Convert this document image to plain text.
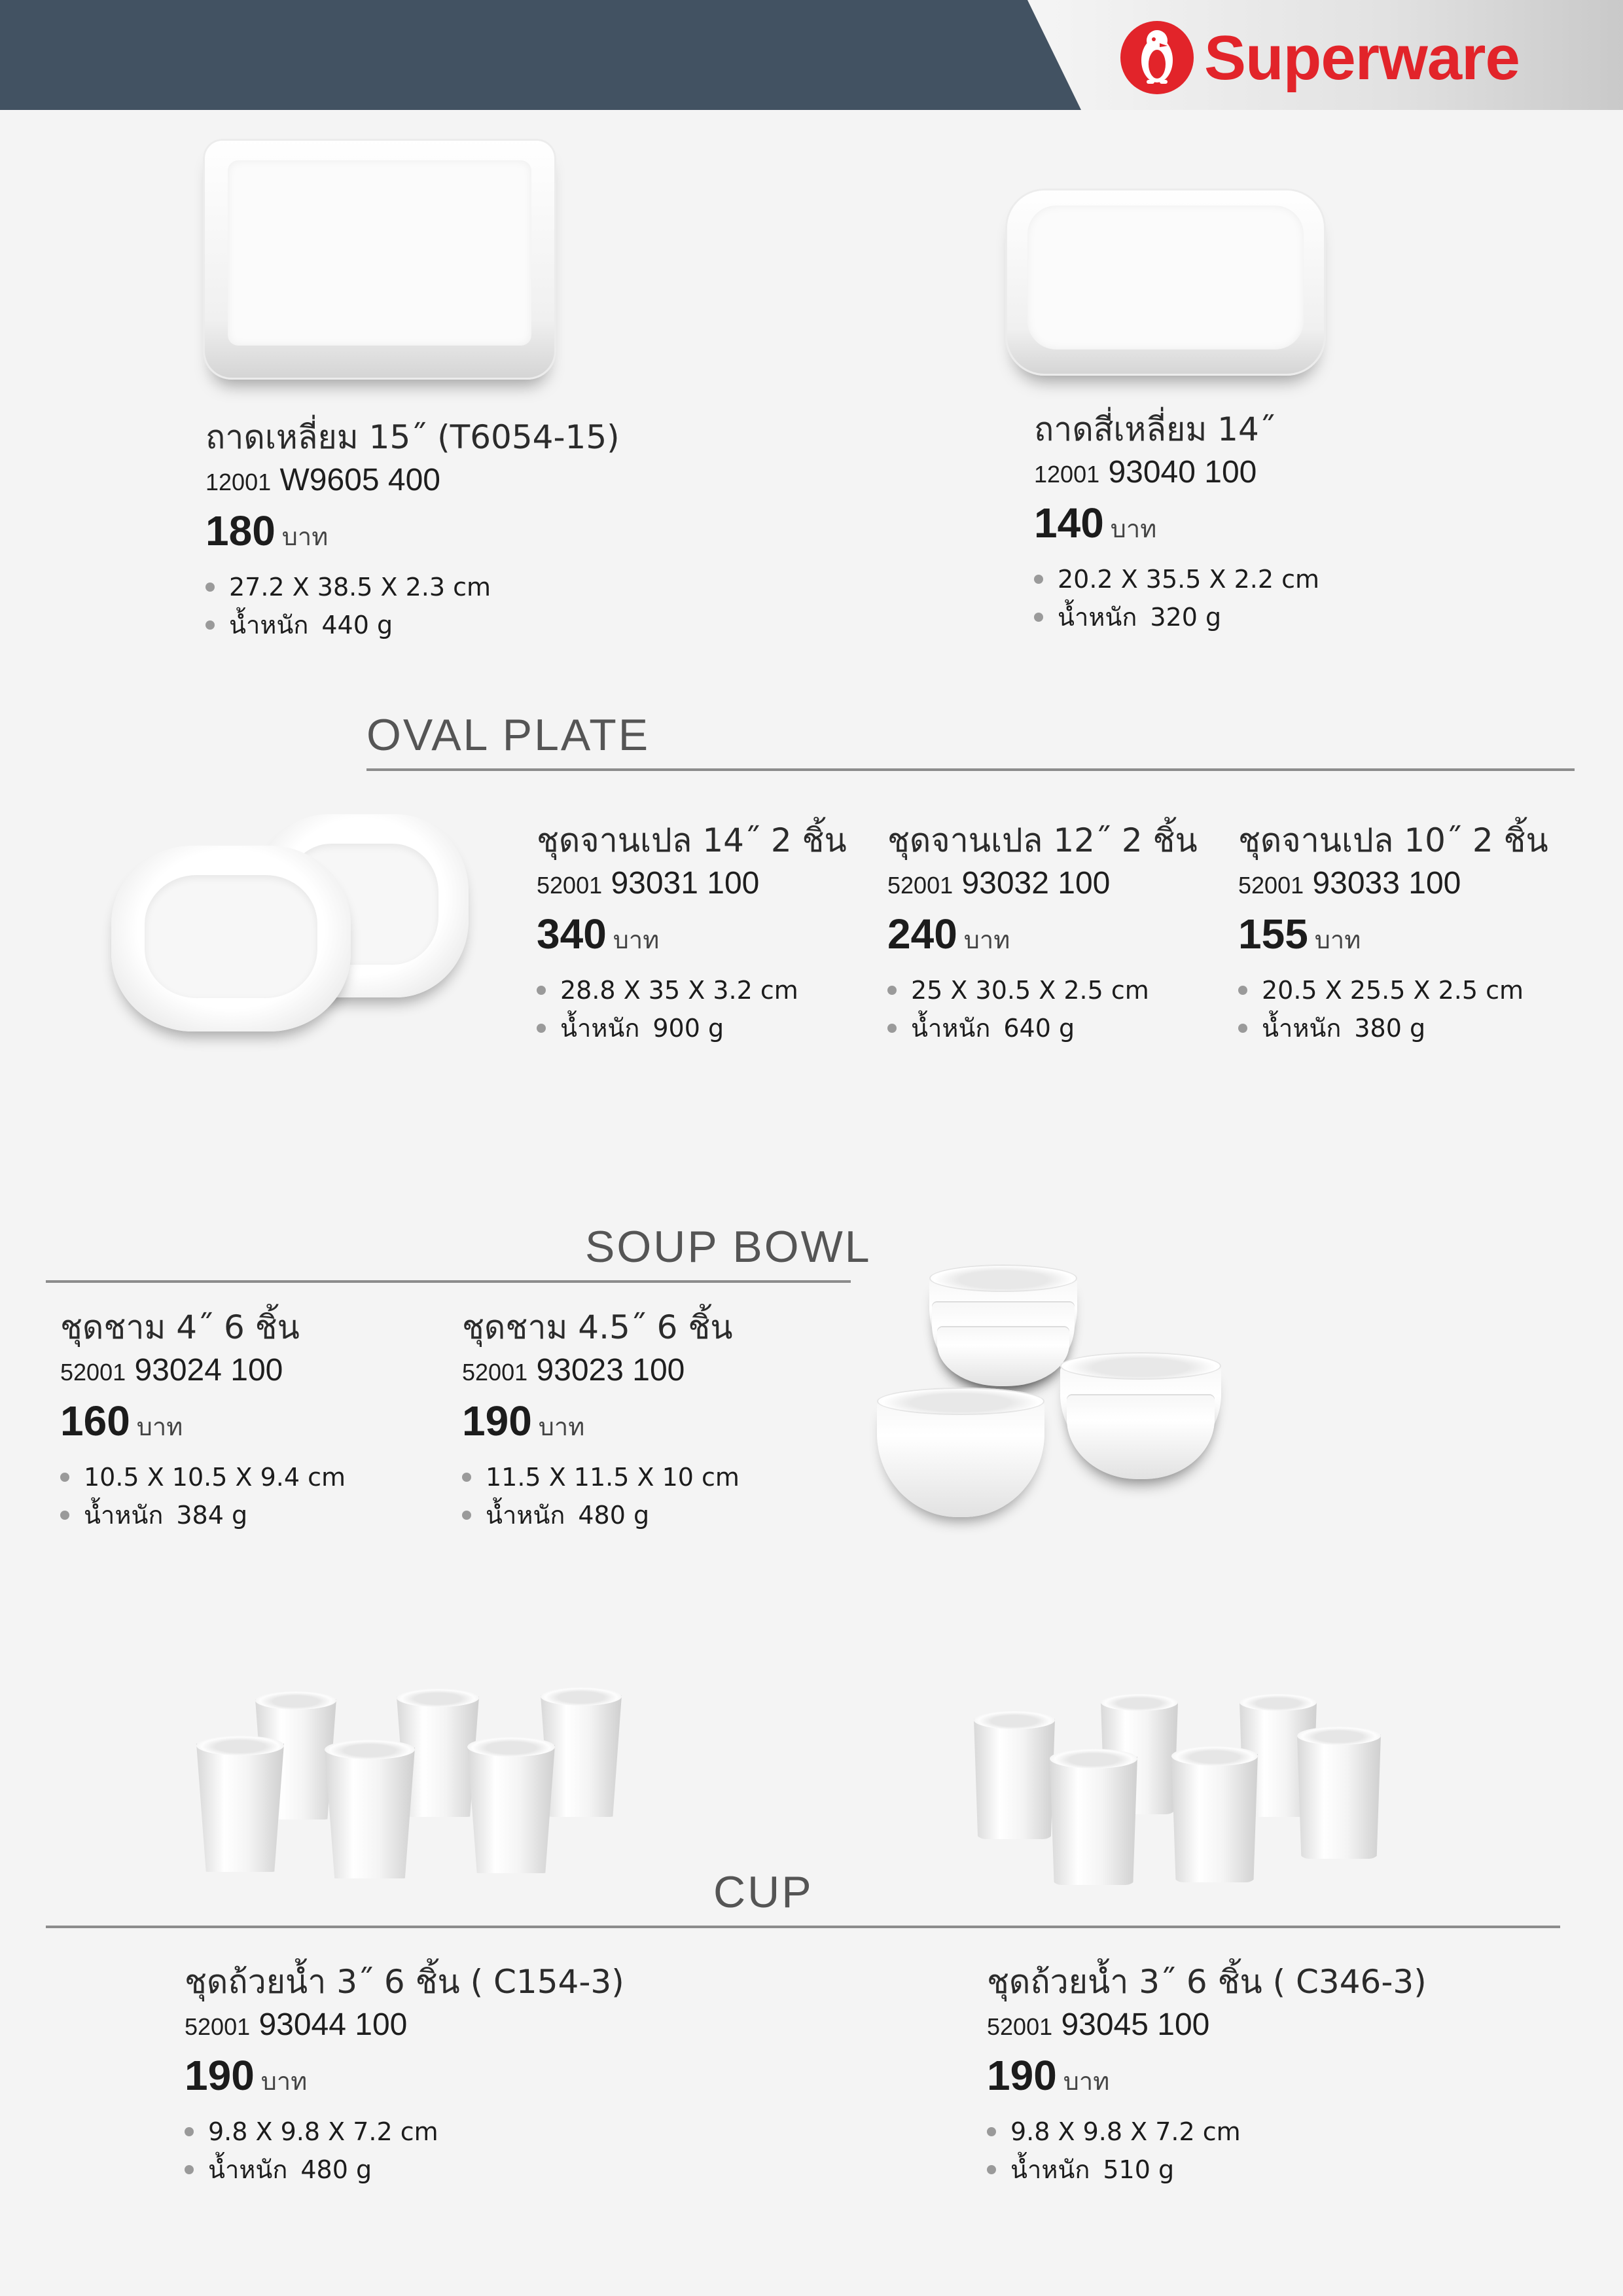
Superware
ถาดเหลี่ยม 15˝ (T6054-15)
12001 W9605 400
180 บาท
27.2 X 38.5 X 2.3 cm
น้ำหนัก 440 g
ถาดสี่เหลี่ยม 14˝
12001 93040 100
140 บาท
20.2 X 35.5 X 2.2 cm
น้ำหนัก 320 g
OVAL PLATE
ชุดจานเปล 14˝ 2 ชิ้น
52001 93031 100
340 บาท
28.8 X 35 X 3.2 cm
น้ำหนัก 900 g
ชุดจานเปล 12˝ 2 ชิ้น
52001 93032 100
240 บาท
25 X 30.5 X 2.5 cm
น้ำหนัก 640 g
ชุดจานเปล 10˝ 2 ชิ้น
52001 93033 100
155 บาท
20.5 X 25.5 X 2.5 cm
น้ำหนัก 380 g
SOUP BOWL
ชุดชาม 4˝ 6 ชิ้น
52001 93024 100
160 บาท
10.5 X 10.5 X 9.4 cm
น้ำหนัก 384 g
ชุดชาม 4.5˝ 6 ชิ้น
52001 93023 100
190 บาท
11.5 X 11.5 X 10 cm
น้ำหนัก 480 g
CUP
ชุดถ้วยน้ำ 3˝ 6 ชิ้น ( C154-3)
52001 93044 100
190 บาท
9.8 X 9.8 X 7.2 cm
น้ำหนัก 480 g
ชุดถ้วยน้ำ 3˝ 6 ชิ้น ( C346-3)
52001 93045 100
190 บาท
9.8 X 9.8 X 7.2 cm
น้ำหนัก 510 g
